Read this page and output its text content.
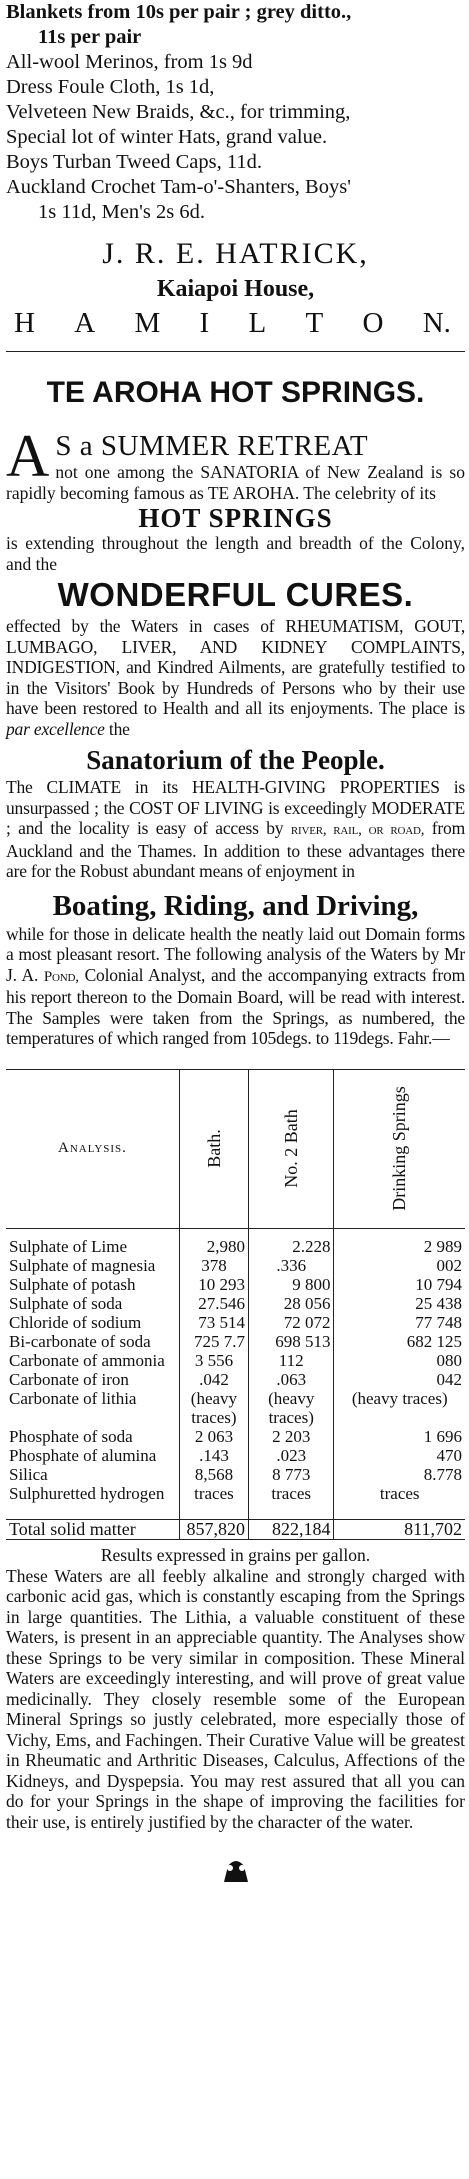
Blankets from 10s per pair ; grey ditto.,
11s per pair
All-wool Merinos, from 1s 9d
Dress Foule Cloth, 1s 1d,
Velveteen New Braids, &c., for trimming,
Special lot of winter Hats, grand value.
Boys Turban Tweed Caps, 11d.
Auckland Crochet Tam-o'-Shanters, Boys'
1s 11d, Men's 2s 6d.
J. R. E. HATRICK,
Kaiapoi House,
H A M I L T O N.
TE AROHA HOT SPRINGS.
A S a SUMMER RETREAT
not one among the SANATORIA of New Zealand is so rapidly becoming famous as TE AROHA. The celebrity of its
HOT SPRINGS
is extending throughout the length and breadth of the Colony, and the
WONDERFUL CURES.
effected by the Waters in cases of RHEUMATISM, GOUT, LUMBAGO, LIVER, AND KIDNEY COMPLAINTS, INDIGESTION, and Kindred Ailments, are gratefully testified to in the Visitors' Book by Hundreds of Persons who by their use have been restored to Health and all its enjoyments. The place is par excellence the
Sanatorium of the People.
The CLIMATE in its HEALTH-GIVING PROPERTIES is unsurpassed ; the COST OF LIVING is exceedingly MODERATE ; and the locality is easy of access by river, rail, or road, from Auckland and the Thames. In addition to these advantages there are for the Robust abundant means of enjoyment in
Boating, Riding, and Driving,
while for those in delicate health the neatly laid out Domain forms a most pleasant resort. The following analysis of the Waters by Mr J. A. Pond, Colonial Analyst, and the accompanying extracts from his report thereon to the Domain Board, will be read with interest. The Samples were taken from the Springs, as numbered, the temperatures of which ranged from 105degs. to 119degs. Fahr.—
Analysis.	Bath.	No. 2 Bath	Drinking Springs

Sulphate of Lime	2,980	2.228	2 989
Sulphate of magnesia	378	.336	002
Sulphate of potash	10 293	9 800	10 794
Sulphate of soda	27.546	28 056	25 438
Chloride of sodium	73 514	72 072	77 748
Bi-carbonate of soda	725 7.7	698 513	682 125
Carbonate of ammonia	3 556	112	080
Carbonate of iron	.042	.063	042
Carbonate of lithia	(heavy traces)	(heavy traces)	(heavy traces)
Phosphate of soda	2 063	2 203	1 696
Phosphate of alumina	.143	.023	470
Silica	8,568	8 773	8.778
Sulphuretted hydrogen	traces	traces	traces

Total solid matter	857,820	822,184	811,702
Results expressed in grains per gallon.
These Waters are all feebly alkaline and strongly charged with carbonic acid gas, which is constantly escaping from the Springs in large quantities. The Lithia, a valuable constituent of these Waters, is present in an appreciable quantity. The Analyses show these Springs to be very similar in composition. These Mineral Waters are exceedingly interesting, and will prove of great value medicinally. They closely resemble some of the European Mineral Springs so justly celebrated, more especially those of Vichy, Ems, and Fachingen. Their Curative Value will be greatest in Rheumatic and Arthritic Diseases, Calculus, Affections of the Kidneys, and Dyspepsia. You may rest assured that all you can do for your Springs in the shape of improving the facilities for their use, is entirely justified by the character of the water.
